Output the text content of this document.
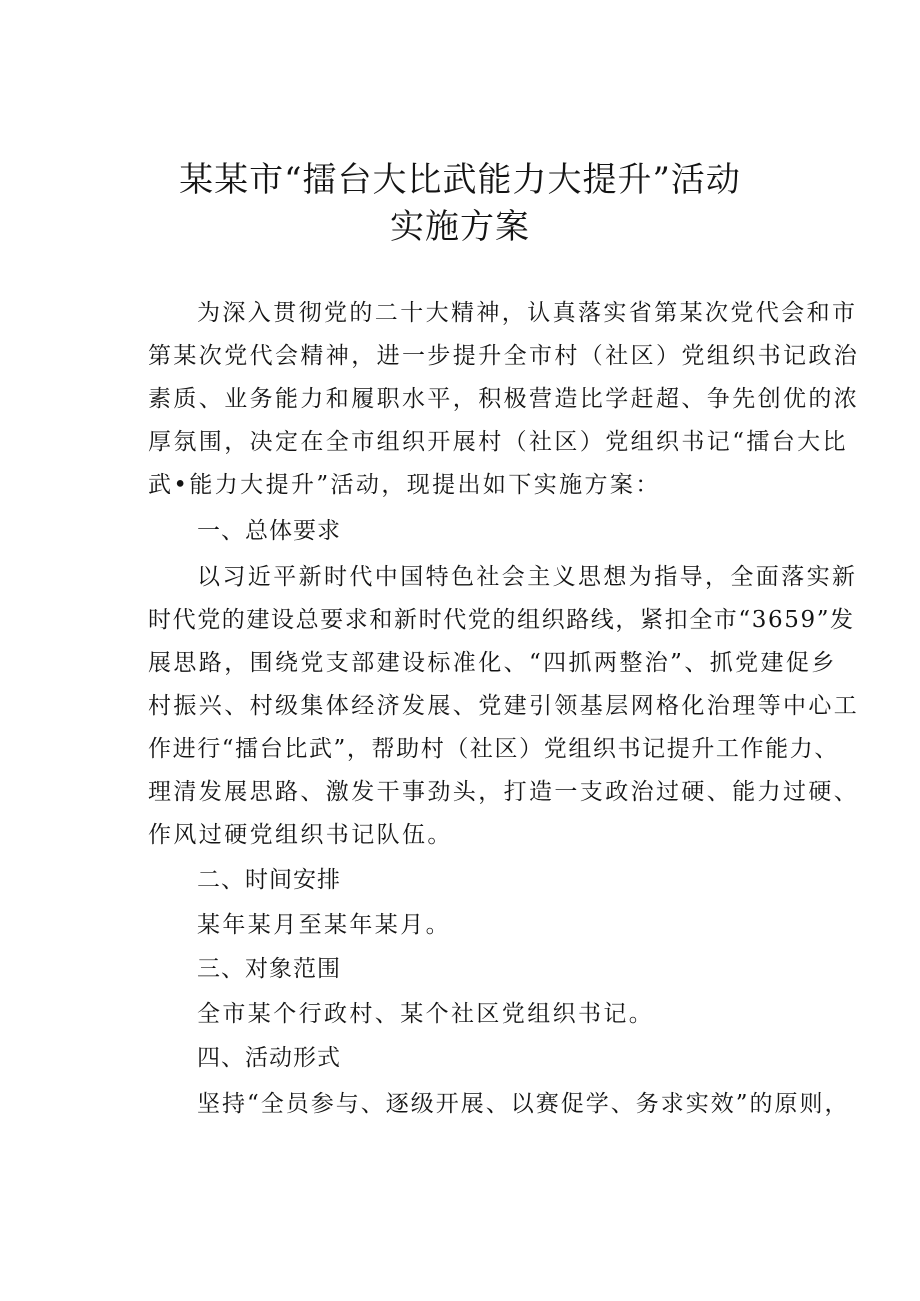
某某市“擂台大比武能力大提升”活动
实施方案
为深入贯彻党的二十大精神，认真落实省第某次党代会和市
第某次党代会精神，进一步提升全市村（社区）党组织书记政治
素质、业务能力和履职水平，积极营造比学赶超、争先创优的浓
厚氛围，决定在全市组织开展村（社区）党组织书记“擂台大比
武•能力大提升”活动，现提出如下实施方案：
一、总体要求
以习近平新时代中国特色社会主义思想为指导，全面落实新
时代党的建设总要求和新时代党的组织路线，紧扣全市“3659”发
展思路，围绕党支部建设标准化、“四抓两整治”、抓党建促乡
村振兴、村级集体经济发展、党建引领基层网格化治理等中心工
作进行“擂台比武”，帮助村（社区）党组织书记提升工作能力、
理清发展思路、激发干事劲头，打造一支政治过硬、能力过硬、
作风过硬党组织书记队伍。
二、时间安排
某年某月至某年某月。
三、对象范围
全市某个行政村、某个社区党组织书记。
四、活动形式
坚持“全员参与、逐级开展、以赛促学、务求实效”的原则，
